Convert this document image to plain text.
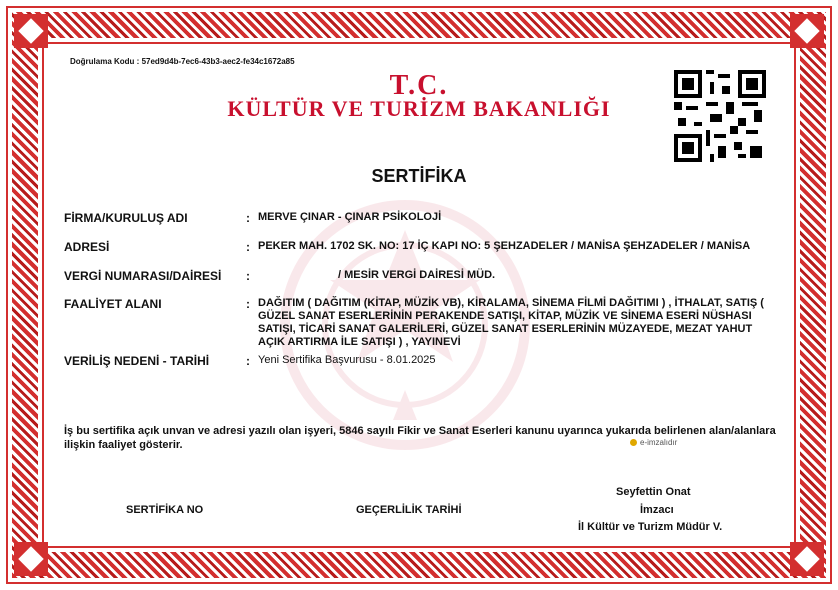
Doğrulama Kodu : 57ed9d4b-7ec6-43b3-aec2-fe34c1672a85
T.C.
KÜLTÜR VE TURİZM BAKANLIĞI
SERTİFİKA
FİRMA/KURULUŞ ADI	: MERVE ÇINAR - ÇINAR PSİKOLOJİ
ADRESİ	: PEKER MAH. 1702 SK. NO: 17 İÇ KAPI NO: 5 ŞEHZADELER / MANİSA ŞEHZADELER / MANİSA
VERGİ NUMARASI/DAİRESİ :	/ MESİR VERGİ DAİRESİ MÜD.
FAALİYET ALANI	: DAĞITIM ( DAĞITIM (KİTAP, MÜZİK VB), KİRALAMA, SİNEMA FİLMİ DAĞITIMI ) , İTHALAT, SATIŞ ( GÜZEL SANAT ESERLERİNİN PERAKENDE SATIŞI, KİTAP, MÜZİK VE SİNEMA ESERİ NÜSHASI SATIŞI, TİCARİ SANAT GALERİLERİ, GÜZEL SANAT ESERLERİNİN MÜZAYEDE, MEZAT YAHUT AÇIK ARTIRMA İLE SATIŞI ) , YAYINEVİ
VERİLİŞ NEDENİ - TARİHİ	: Yeni Sertifika Başvurusu - 8.01.2025
İş bu sertifika açık unvan ve adresi yazılı olan işyeri, 5846 sayılı Fikir ve Sanat Eserleri kanunu uyarınca yukarıda belirlenen alan/alanlara ilişkin faaliyet gösterir.	e-imzalıdır
SERTİFİKA NO	GEÇERLİLİK TARİHİ
Seyfettin Onat
İmzacı
İl Kültür ve Turizm Müdür V.
